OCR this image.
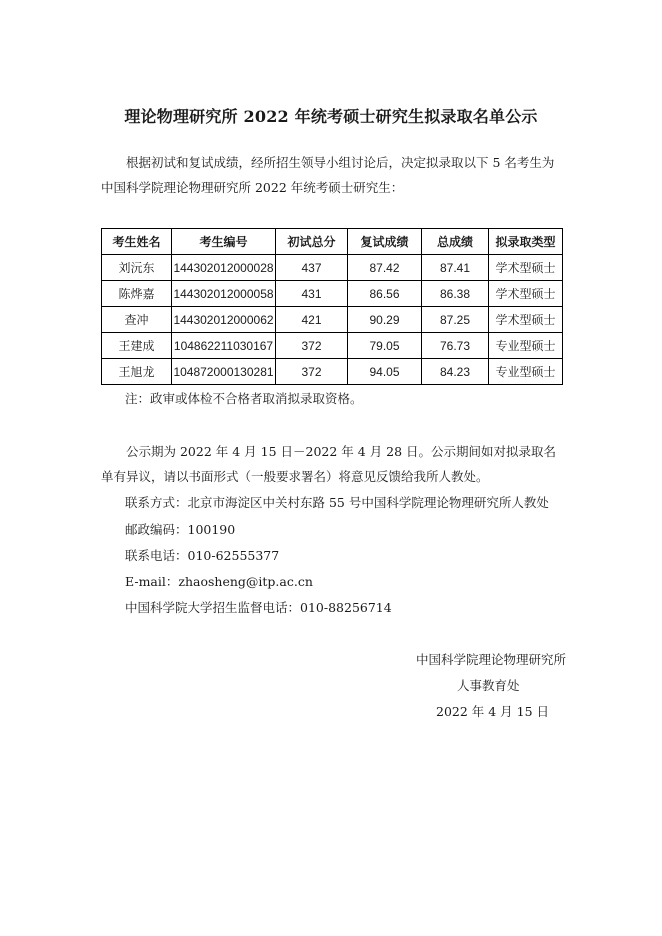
理论物理研究所 2022 年统考硕士研究生拟录取名单公示
根据初试和复试成绩，经所招生领导小组讨论后，决定拟录取以下 5 名考生为中国科学院理论物理研究所 2022 年统考硕士研究生：
考生姓名	考生编号	初试总分	复试成绩	总成绩	拟录取类型
刘沅东	144302012000028	437	87.42	87.41	学术型硕士
陈烨嘉	144302012000058	431	86.56	86.38	学术型硕士
查冲	144302012000062	421	90.29	87.25	学术型硕士
王建成	104862211030167	372	79.05	76.73	专业型硕士
王旭龙	104872000130281	372	94.05	84.23	专业型硕士
注：政审或体检不合格者取消拟录取资格。
公示期为 2022 年 4 月 15 日－2022 年 4 月 28 日。公示期间如对拟录取名单有异议，请以书面形式（一般要求署名）将意见反馈给我所人教处。
联系方式：北京市海淀区中关村东路 55 号中国科学院理论物理研究所人教处
邮政编码：100190
联系电话：010-62555377
E-mail：zhaosheng@itp.ac.cn
中国科学院大学招生监督电话：010-88256714
中国科学院理论物理研究所
人事教育处
2022 年 4 月 15 日
